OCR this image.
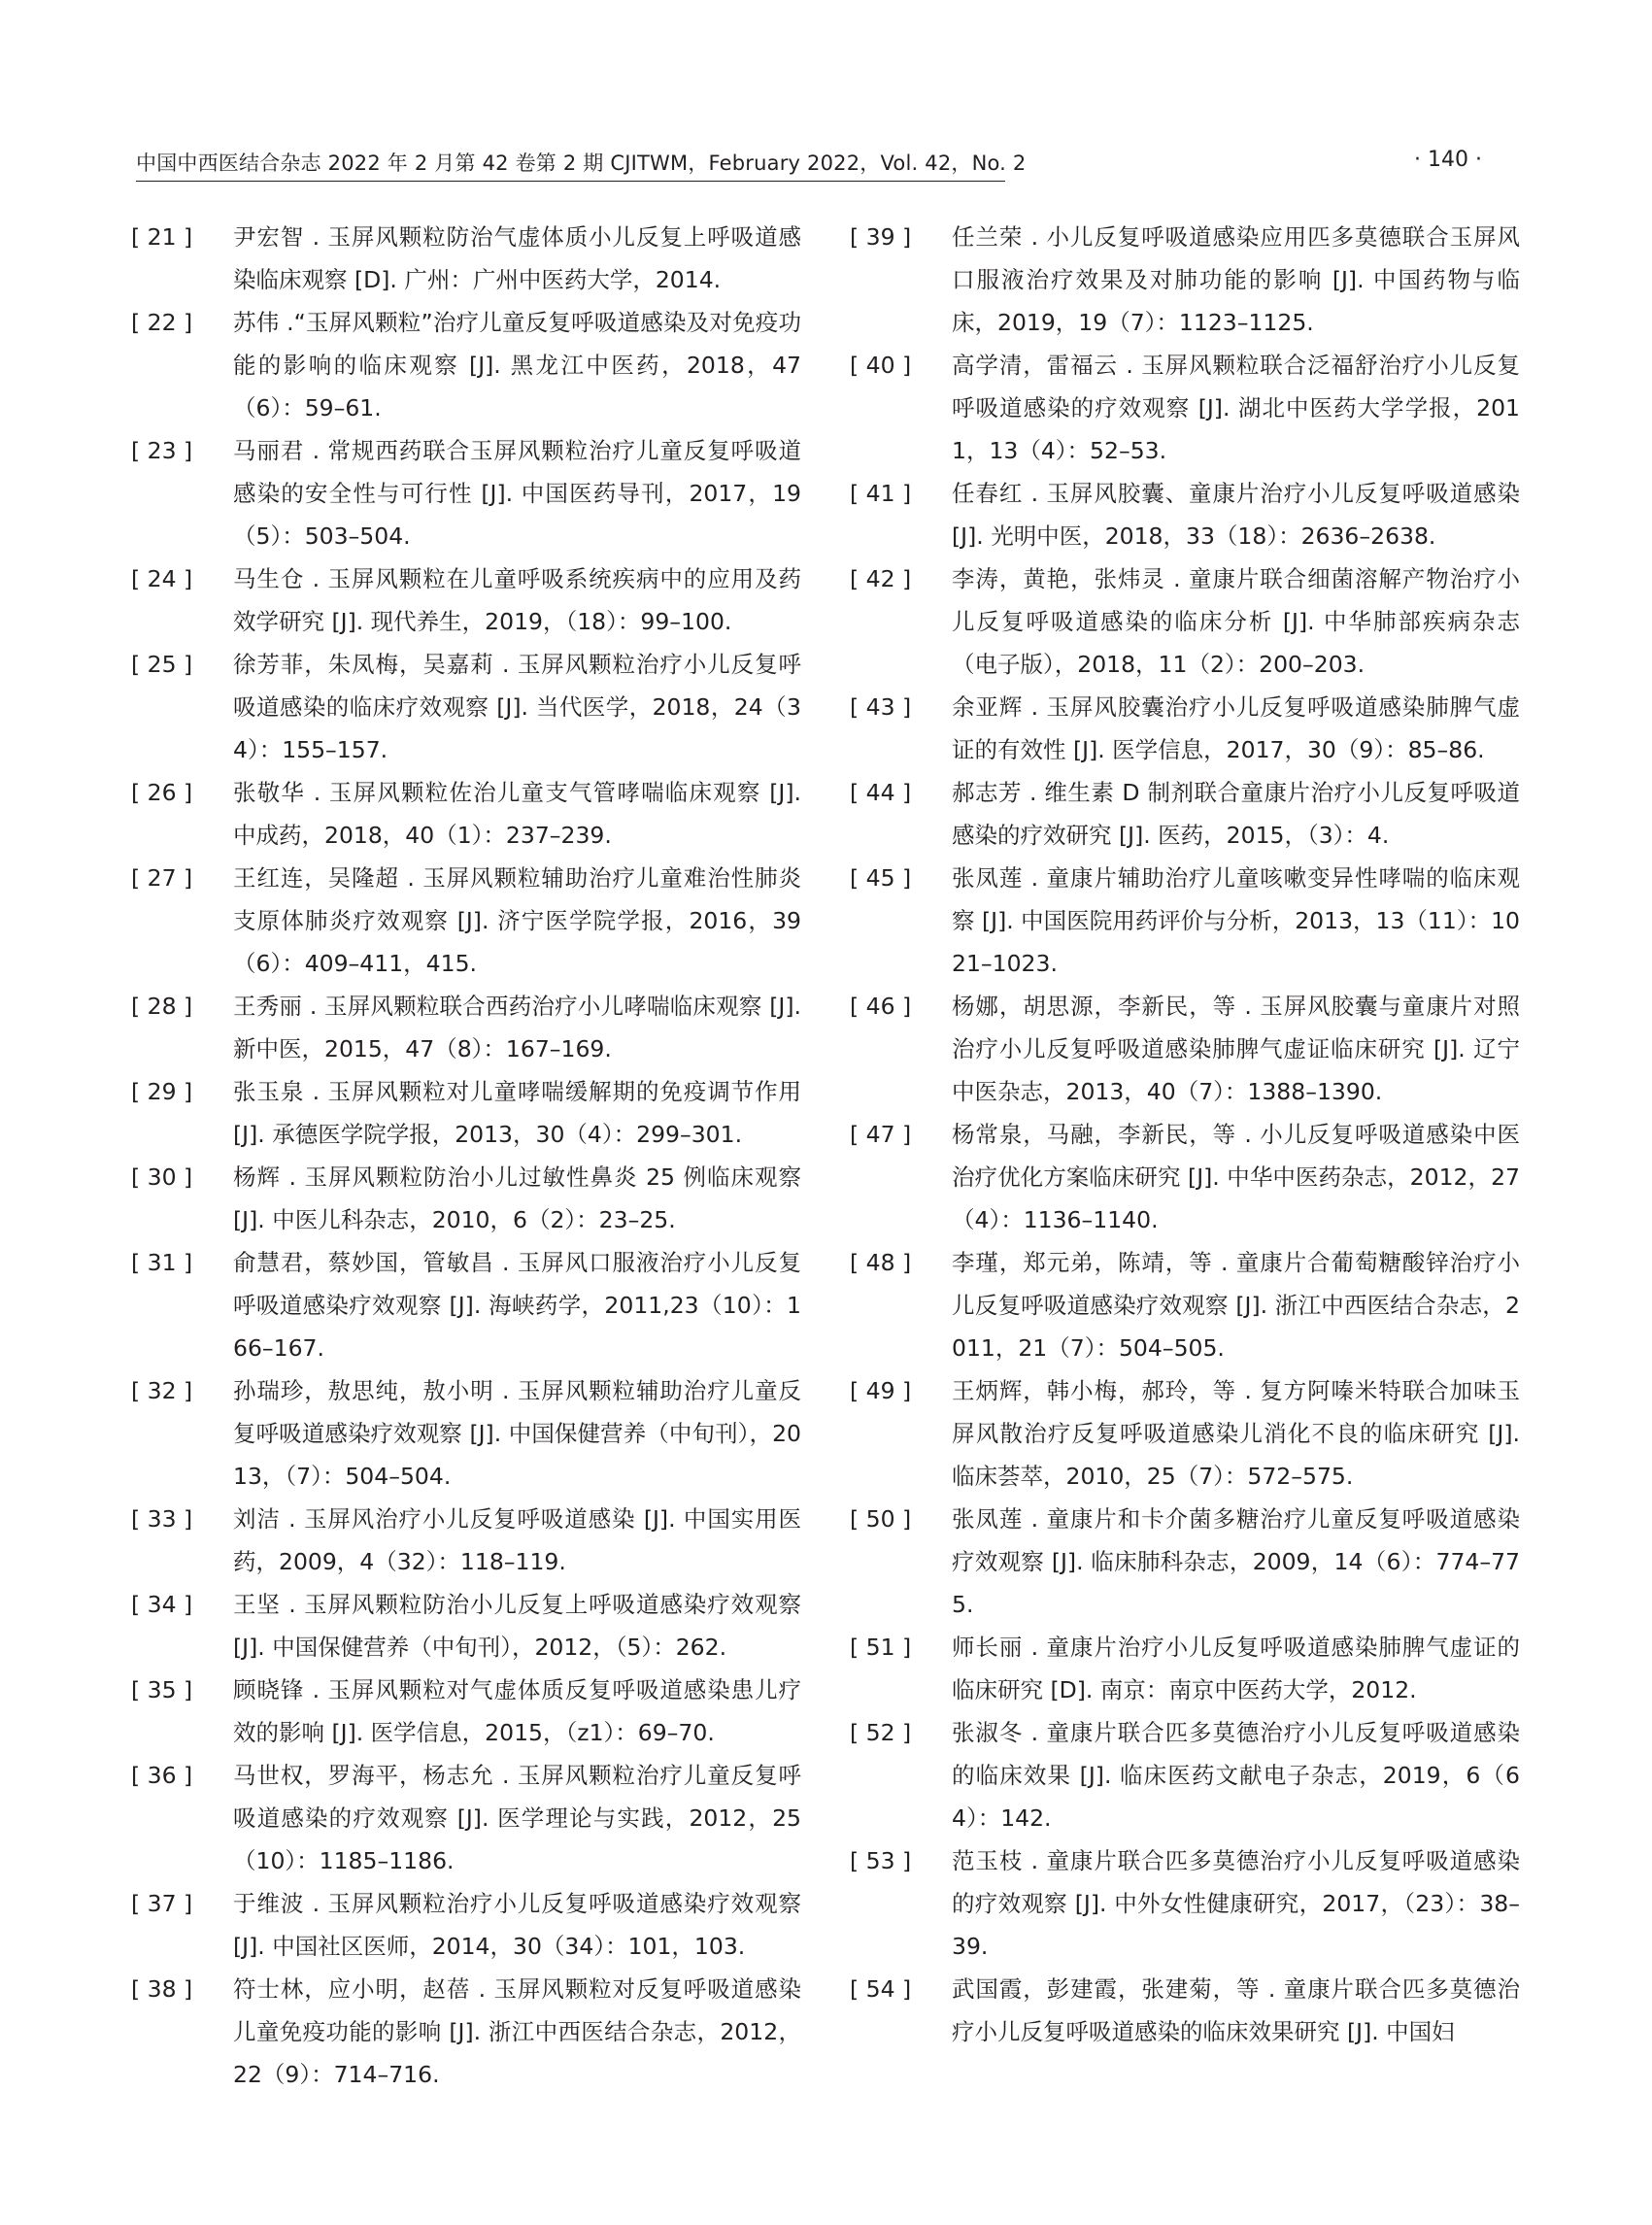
中国中西医结合杂志 2022 年 2 月第 42 卷第 2 期 CJITWM，February 2022，Vol. 42，No. 2	· 140 ·
[ 21 ] 尹宏智 . 玉屏风颗粒防治气虚体质小儿反复上呼吸道感染临床观察 [D]. 广州：广州中医药大学，2014.
[ 22 ] 苏伟 .“玉屏风颗粒”治疗儿童反复呼吸道感染及对免疫功能的影响的临床观察 [J]. 黑龙江中医药，2018，47（6）：59–61.
[ 23 ] 马丽君 . 常规西药联合玉屏风颗粒治疗儿童反复呼吸道感染的安全性与可行性 [J]. 中国医药导刊，2017，19（5）：503–504.
[ 24 ] 马生仓 . 玉屏风颗粒在儿童呼吸系统疾病中的应用及药效学研究 [J]. 现代养生，2019，（18）：99–100.
[ 25 ] 徐芳菲，朱凤梅，吴嘉莉 . 玉屏风颗粒治疗小儿反复呼吸道感染的临床疗效观察 [J]. 当代医学，2018，24（34）：155–157.
[ 26 ] 张敬华 . 玉屏风颗粒佐治儿童支气管哮喘临床观察 [J]. 中成药，2018，40（1）：237–239.
[ 27 ] 王红连，吴隆超 . 玉屏风颗粒辅助治疗儿童难治性肺炎支原体肺炎疗效观察 [J]. 济宁医学院学报，2016，39（6）：409–411，415.
[ 28 ] 王秀丽 . 玉屏风颗粒联合西药治疗小儿哮喘临床观察 [J]. 新中医，2015，47（8）：167–169.
[ 29 ] 张玉泉 . 玉屏风颗粒对儿童哮喘缓解期的免疫调节作用 [J]. 承德医学院学报，2013，30（4）：299–301.
[ 30 ] 杨辉 . 玉屏风颗粒防治小儿过敏性鼻炎 25 例临床观察 [J]. 中医儿科杂志，2010，6（2）：23–25.
[ 31 ] 俞慧君，蔡妙国，管敏昌 . 玉屏风口服液治疗小儿反复呼吸道感染疗效观察 [J]. 海峡药学，2011,23（10）：166–167.
[ 32 ] 孙瑞珍，敖思纯，敖小明 . 玉屏风颗粒辅助治疗儿童反复呼吸道感染疗效观察 [J]. 中国保健营养（中旬刊），2013，（7）：504–504.
[ 33 ] 刘洁 . 玉屏风治疗小儿反复呼吸道感染 [J]. 中国实用医药，2009，4（32）：118–119.
[ 34 ] 王坚 . 玉屏风颗粒防治小儿反复上呼吸道感染疗效观察 [J]. 中国保健营养（中旬刊），2012，（5）：262.
[ 35 ] 顾晓锋 . 玉屏风颗粒对气虚体质反复呼吸道感染患儿疗效的影响 [J]. 医学信息，2015，（z1）：69–70.
[ 36 ] 马世权，罗海平，杨志允 . 玉屏风颗粒治疗儿童反复呼吸道感染的疗效观察 [J]. 医学理论与实践，2012，25（10）：1185–1186.
[ 37 ] 于维波 . 玉屏风颗粒治疗小儿反复呼吸道感染疗效观察 [J]. 中国社区医师，2014，30（34）：101，103.
[ 38 ] 符士林，应小明，赵蓓 . 玉屏风颗粒对反复呼吸道感染儿童免疫功能的影响 [J]. 浙江中西医结合杂志，2012，22（9）：714–716.
[ 39 ] 任兰荣 . 小儿反复呼吸道感染应用匹多莫德联合玉屏风口服液治疗效果及对肺功能的影响 [J]. 中国药物与临床，2019，19（7）：1123–1125.
[ 40 ] 高学清，雷福云 . 玉屏风颗粒联合泛福舒治疗小儿反复呼吸道感染的疗效观察 [J]. 湖北中医药大学学报，2011，13（4）：52–53.
[ 41 ] 任春红 . 玉屏风胶囊、童康片治疗小儿反复呼吸道感染 [J]. 光明中医，2018，33（18）：2636–2638.
[ 42 ] 李涛，黄艳，张炜灵 . 童康片联合细菌溶解产物治疗小儿反复呼吸道感染的临床分析 [J]. 中华肺部疾病杂志（电子版），2018，11（2）：200–203.
[ 43 ] 余亚辉 . 玉屏风胶囊治疗小儿反复呼吸道感染肺脾气虚证的有效性 [J]. 医学信息，2017，30（9）：85–86.
[ 44 ] 郝志芳 . 维生素 D 制剂联合童康片治疗小儿反复呼吸道感染的疗效研究 [J]. 医药，2015，（3）：4.
[ 45 ] 张凤莲 . 童康片辅助治疗儿童咳嗽变异性哮喘的临床观察 [J]. 中国医院用药评价与分析，2013，13（11）：1021–1023.
[ 46 ] 杨娜，胡思源，李新民，等 . 玉屏风胶囊与童康片对照治疗小儿反复呼吸道感染肺脾气虚证临床研究 [J]. 辽宁中医杂志，2013，40（7）：1388–1390.
[ 47 ] 杨常泉，马融，李新民，等 . 小儿反复呼吸道感染中医治疗优化方案临床研究 [J]. 中华中医药杂志，2012，27（4）：1136–1140.
[ 48 ] 李瑾，郑元弟，陈靖，等 . 童康片合葡萄糖酸锌治疗小儿反复呼吸道感染疗效观察 [J]. 浙江中西医结合杂志，2011，21（7）：504–505.
[ 49 ] 王炳辉，韩小梅，郝玲，等 . 复方阿嗪米特联合加味玉屏风散治疗反复呼吸道感染儿消化不良的临床研究 [J]. 临床荟萃，2010，25（7）：572–575.
[ 50 ] 张凤莲 . 童康片和卡介菌多糖治疗儿童反复呼吸道感染疗效观察 [J]. 临床肺科杂志，2009，14（6）：774–775.
[ 51 ] 师长丽 . 童康片治疗小儿反复呼吸道感染肺脾气虚证的临床研究 [D]. 南京：南京中医药大学，2012.
[ 52 ] 张淑冬 . 童康片联合匹多莫德治疗小儿反复呼吸道感染的临床效果 [J]. 临床医药文献电子杂志，2019，6（64）：142.
[ 53 ] 范玉枝 . 童康片联合匹多莫德治疗小儿反复呼吸道感染的疗效观察 [J]. 中外女性健康研究，2017，（23）：38–39.
[ 54 ] 武国霞，彭建霞，张建菊，等 . 童康片联合匹多莫德治疗小儿反复呼吸道感染的临床效果研究 [J]. 中国妇
